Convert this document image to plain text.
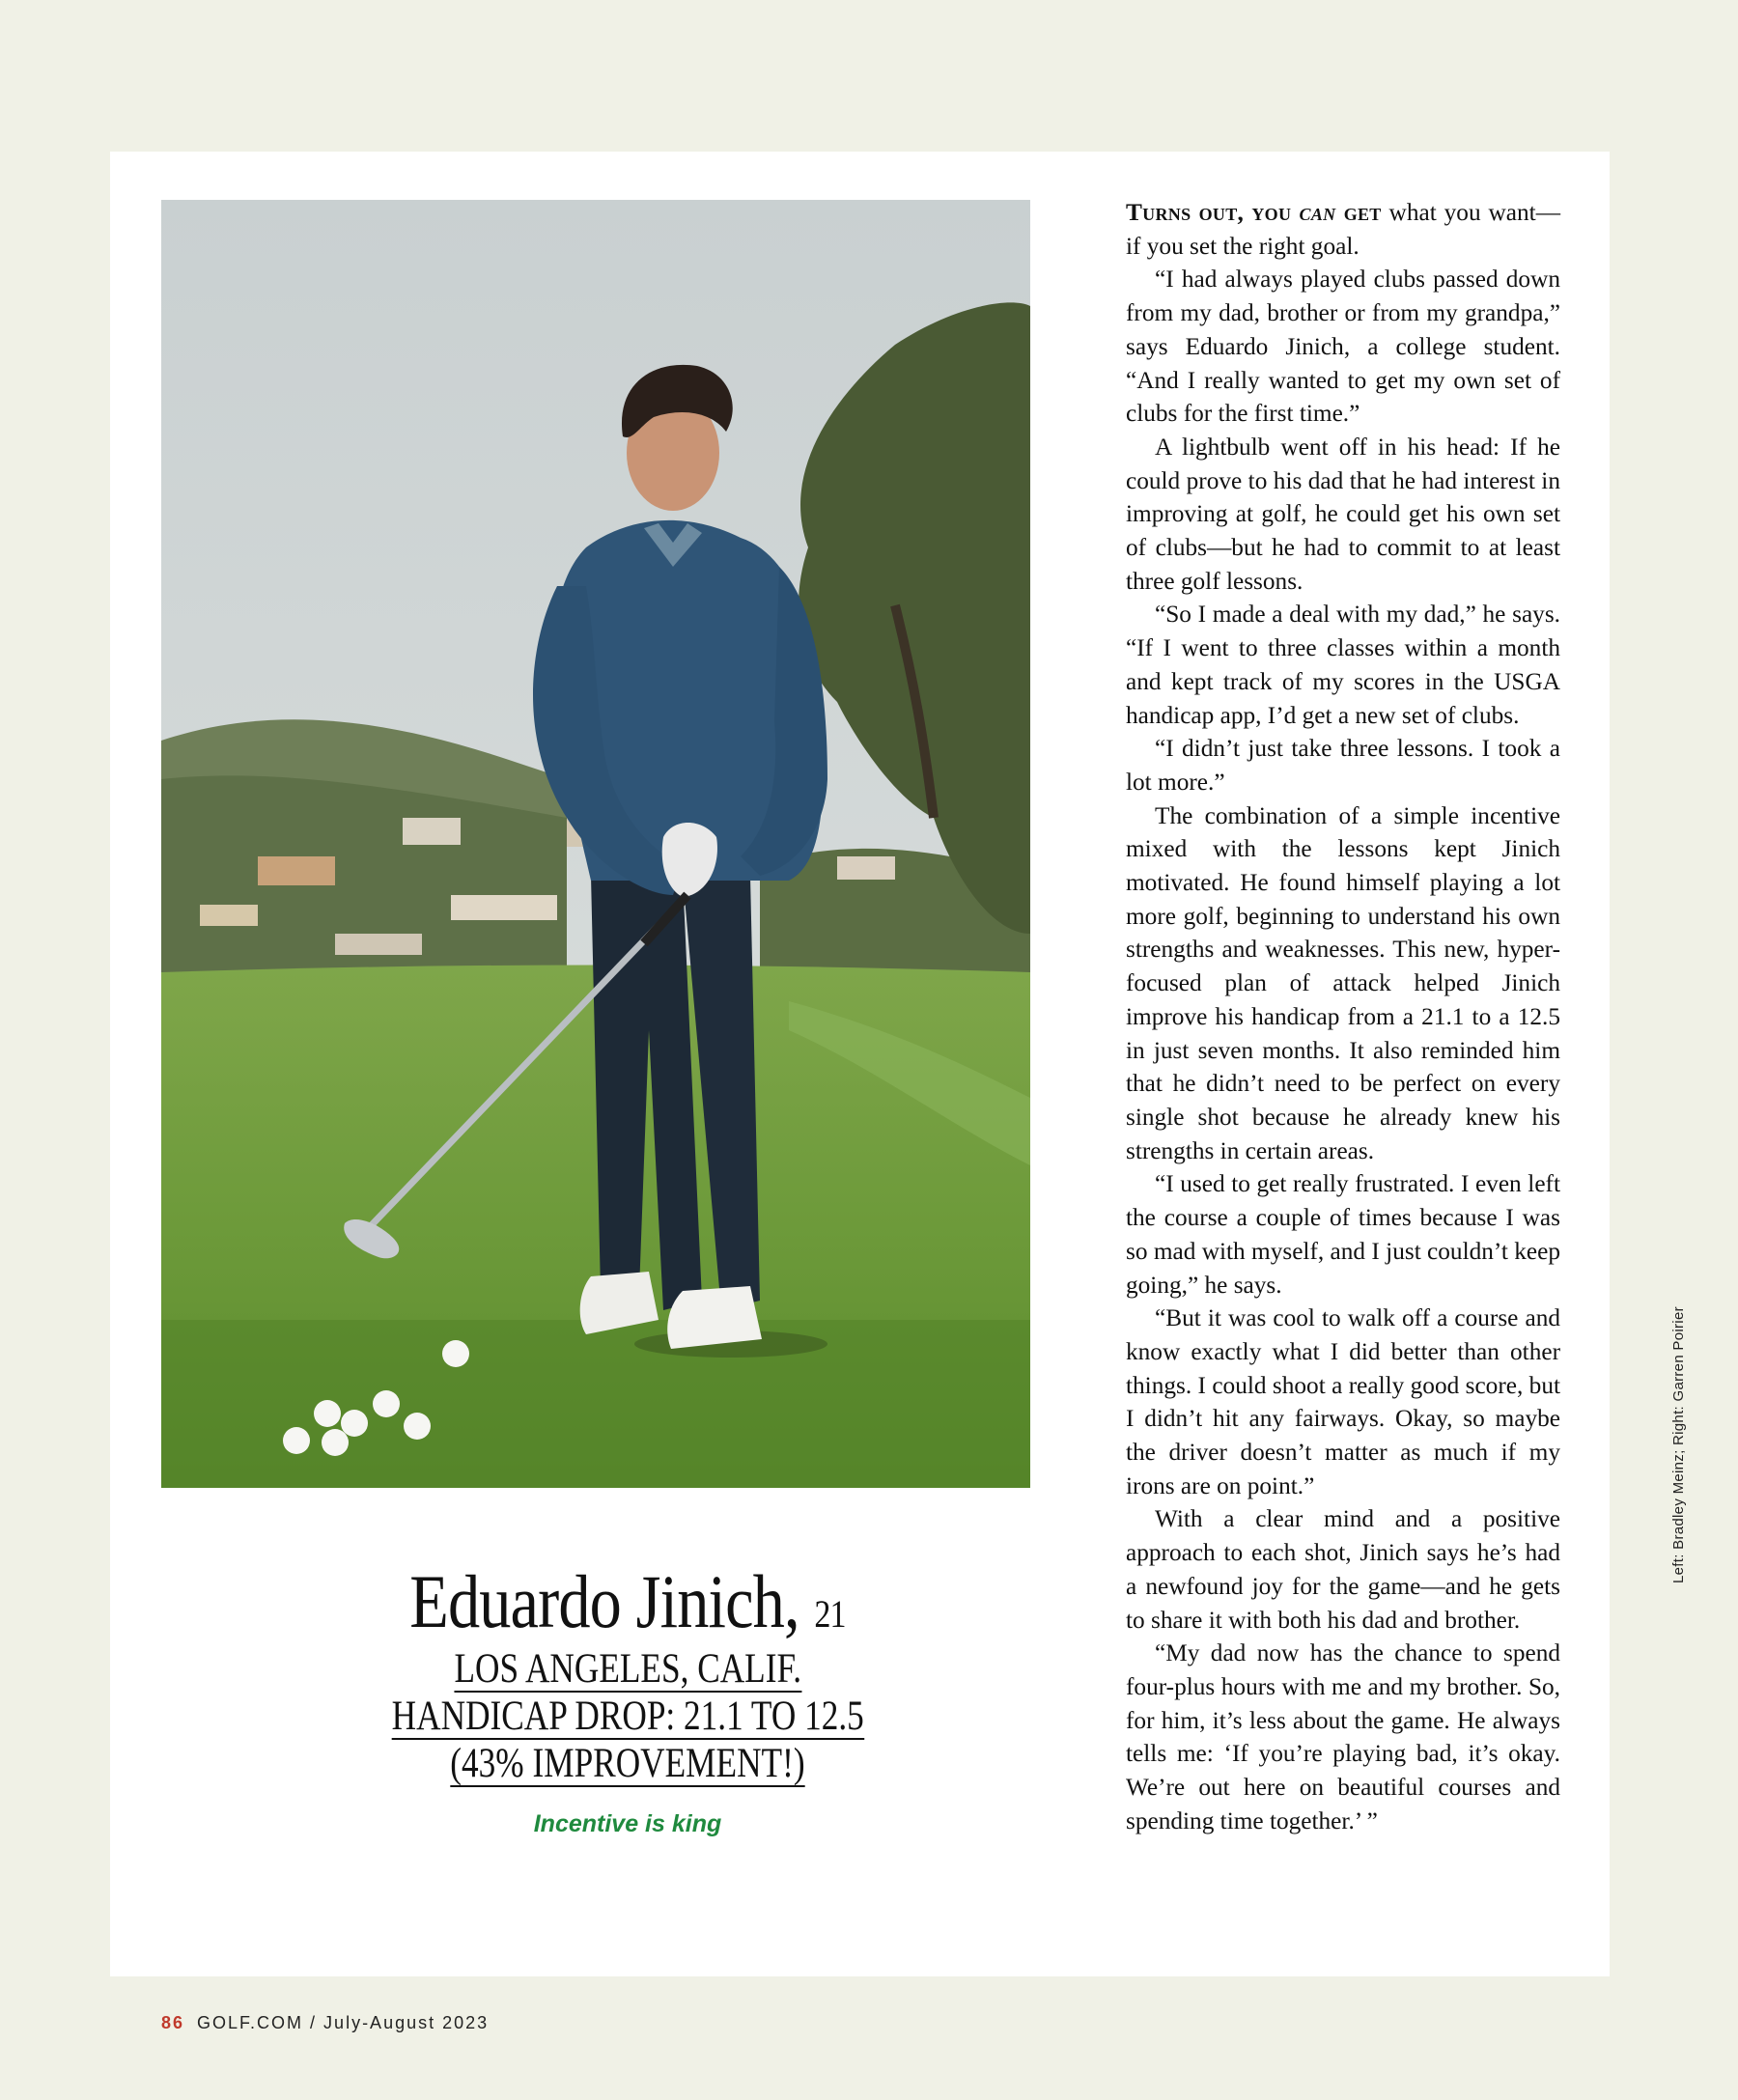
Eduardo Jinich, 21
LOS ANGELES, CALIF.
HANDICAP DROP: 21.1 TO 12.5
(43% IMPROVEMENT!)
Incentive is king

Turns out, you can get what you want—if you set the right goal.

“I had always played clubs passed down from my dad, brother or from my grandpa,” says Eduardo Jinich, a college student. “And I really wanted to get my own set of clubs for the first time.”

A lightbulb went off in his head: If he could prove to his dad that he had interest in improving at golf, he could get his own set of clubs—but he had to commit to at least three golf lessons.

“So I made a deal with my dad,” he says. “If I went to three classes within a month and kept track of my scores in the USGA handicap app, I’d get a new set of clubs.

“I didn’t just take three lessons. I took a lot more.”

The combination of a simple incentive mixed with the lessons kept Jinich motivated. He found himself playing a lot more golf, beginning to understand his own strengths and weaknesses. This new, hyper-focused plan of attack helped Jinich improve his handicap from a 21.1 to a 12.5 in just seven months. It also reminded him that he didn’t need to be perfect on every single shot because he already knew his strengths in certain areas.

“I used to get really frustrated. I even left the course a couple of times because I was so mad with myself, and I just couldn’t keep going,” he says.

“But it was cool to walk off a course and know exactly what I did better than other things. I could shoot a really good score, but I didn’t hit any fairways. Okay, so maybe the driver doesn’t matter as much if my irons are on point.”

With a clear mind and a positive approach to each shot, Jinich says he’s had a newfound joy for the game—and he gets to share it with both his dad and brother.

“My dad now has the chance to spend four-plus hours with me and my brother. So, for him, it’s less about the game. He always tells me: ‘If you’re playing bad, it’s okay. We’re out here on beautiful courses and spending time together.’ ”

Left: Bradley Meinz; Right: Garren Poirier
86 GOLF.COM / July-August 2023
